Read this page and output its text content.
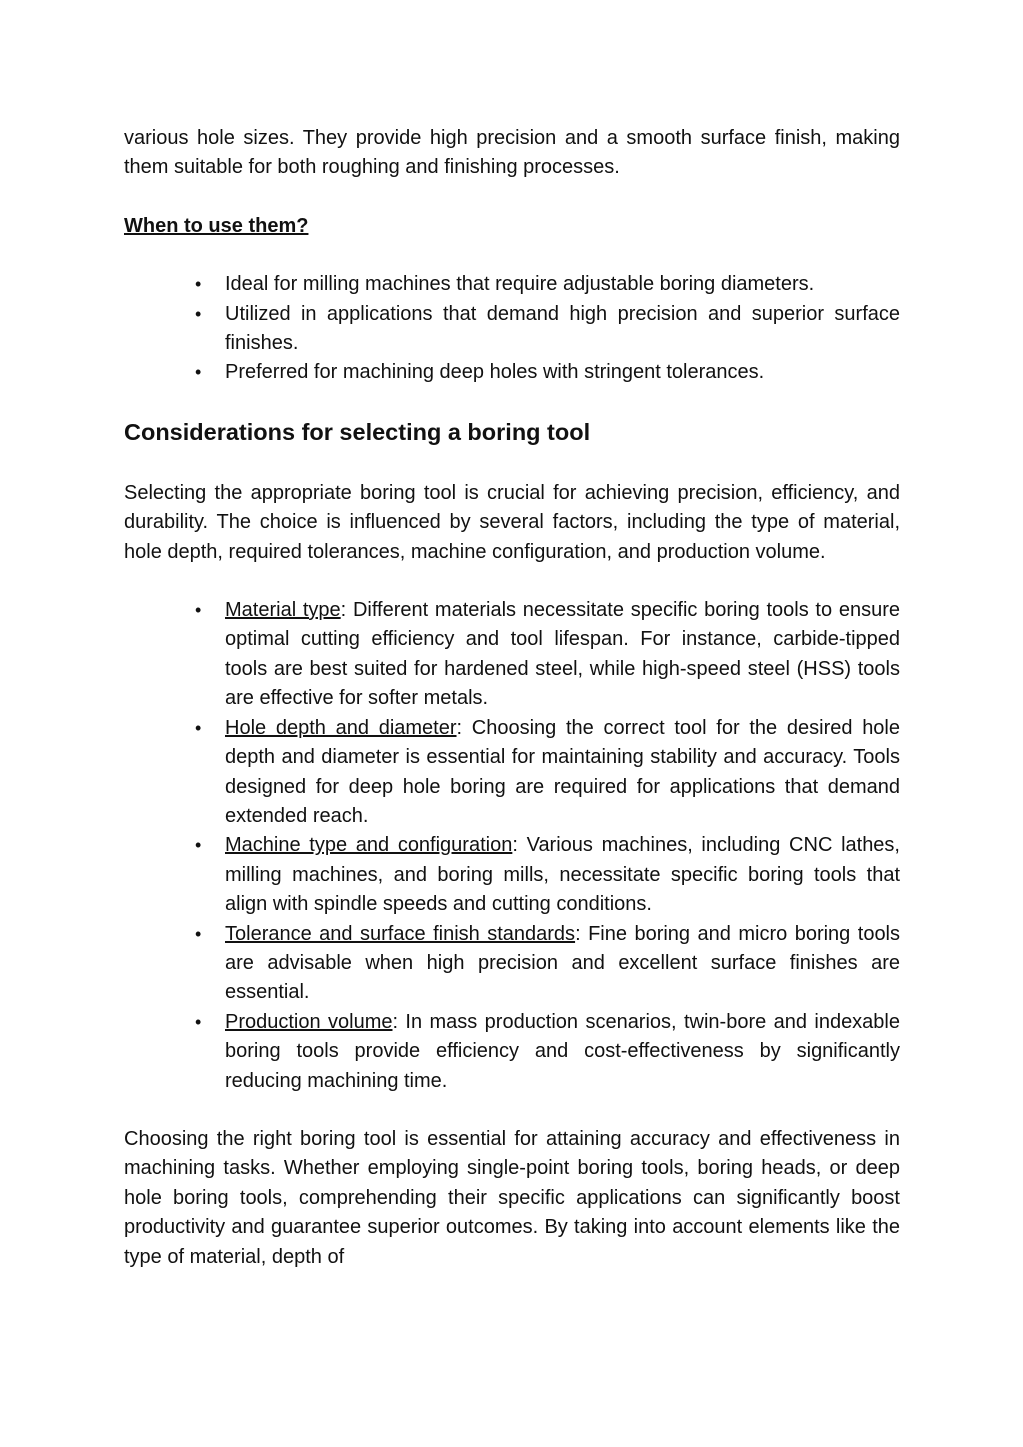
various hole sizes. They provide high precision and a smooth surface finish, making them suitable for both roughing and finishing processes.

When to use them?
• Ideal for milling machines that require adjustable boring diameters.
• Utilized in applications that demand high precision and superior surface finishes.
• Preferred for machining deep holes with stringent tolerances.
Considerations for selecting a boring tool

Selecting the appropriate boring tool is crucial for achieving precision, efficiency, and durability. The choice is influenced by several factors, including the type of material, hole depth, required tolerances, machine configuration, and production volume.

• Material type: Different materials necessitate specific boring tools to ensure optimal cutting efficiency and tool lifespan. For instance, carbide-tipped tools are best suited for hardened steel, while high-speed steel (HSS) tools are effective for softer metals.
• Hole depth and diameter: Choosing the correct tool for the desired hole depth and diameter is essential for maintaining stability and accuracy. Tools designed for deep hole boring are required for applications that demand extended reach.
• Machine type and configuration: Various machines, including CNC lathes, milling machines, and boring mills, necessitate specific boring tools that align with spindle speeds and cutting conditions.
• Tolerance and surface finish standards: Fine boring and micro boring tools are advisable when high precision and excellent surface finishes are essential.
• Production volume: In mass production scenarios, twin-bore and indexable boring tools provide efficiency and cost-effectiveness by significantly reducing machining time.

Choosing the right boring tool is essential for attaining accuracy and effectiveness in machining tasks. Whether employing single-point boring tools, boring heads, or deep hole boring tools, comprehending their specific applications can significantly boost productivity and guarantee superior outcomes. By taking into account elements like the type of material, depth of
